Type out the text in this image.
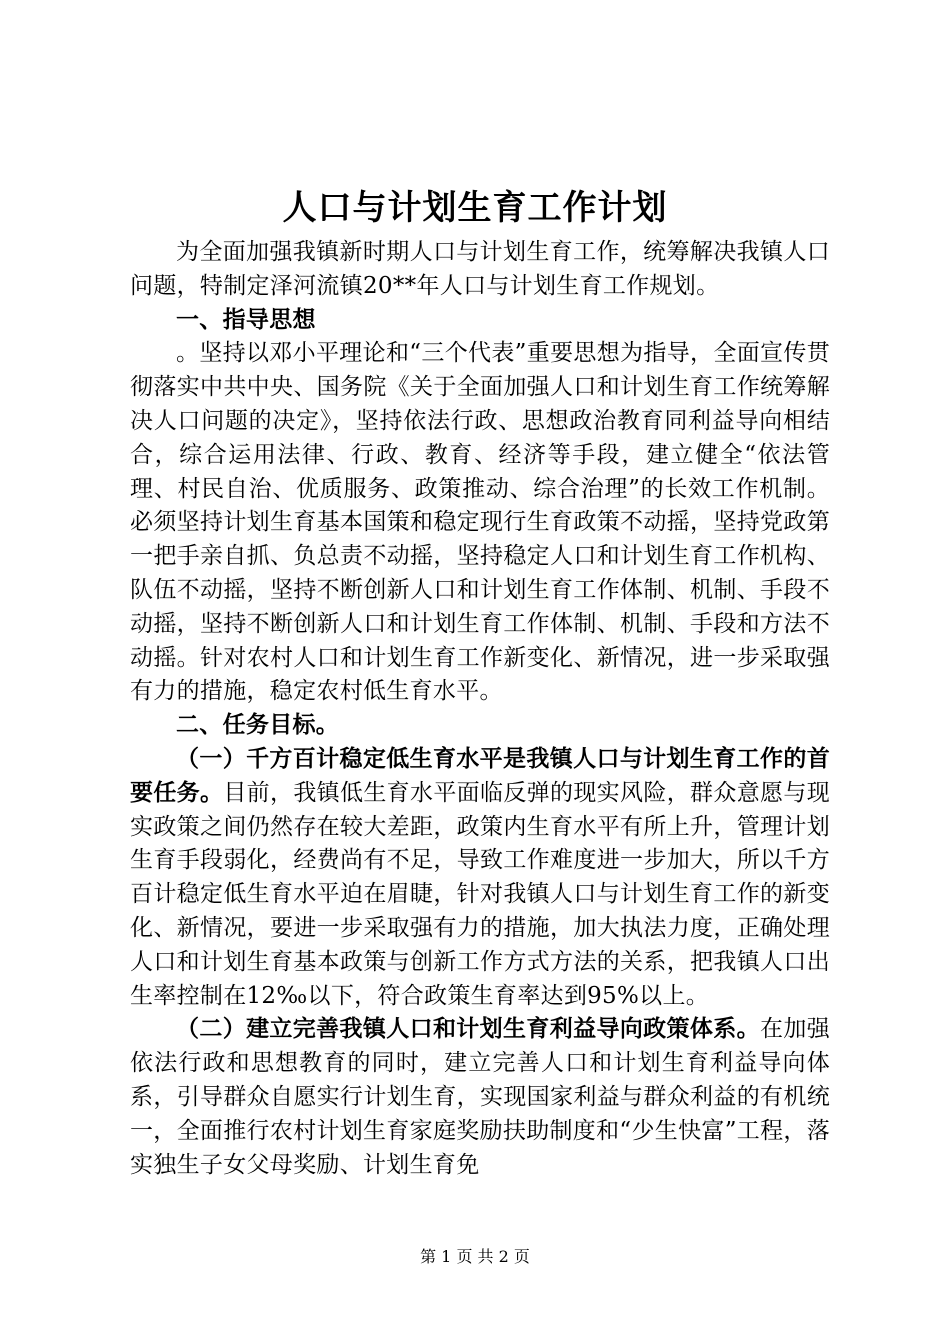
人口与计划生育工作计划

为全面加强我镇新时期人口与计划生育工作，统筹解决我镇人口问题，特制定泽河流镇20**年人口与计划生育工作规划。

一、指导思想

。坚持以邓小平理论和“三个代表”重要思想为指导，全面宣传贯彻落实中共中央、国务院《关于全面加强人口和计划生育工作统筹解决人口问题的决定》，坚持依法行政、思想政治教育同利益导向相结合，综合运用法律、行政、教育、经济等手段，建立健全“依法管理、村民自治、优质服务、政策推动、综合治理”的长效工作机制。必须坚持计划生育基本国策和稳定现行生育政策不动摇，坚持党政第一把手亲自抓、负总责不动摇，坚持稳定人口和计划生育工作机构、队伍不动摇，坚持不断创新人口和计划生育工作体制、机制、手段不动摇，坚持不断创新人口和计划生育工作体制、机制、手段和方法不动摇。针对农村人口和计划生育工作新变化、新情况，进一步采取强有力的措施，稳定农村低生育水平。

二、任务目标。

（一）千方百计稳定低生育水平是我镇人口与计划生育工作的首要任务。目前，我镇低生育水平面临反弹的现实风险，群众意愿与现实政策之间仍然存在较大差距，政策内生育水平有所上升，管理计划生育手段弱化，经费尚有不足，导致工作难度进一步加大，所以千方百计稳定低生育水平迫在眉睫，针对我镇人口与计划生育工作的新变化、新情况，要进一步采取强有力的措施，加大执法力度，正确处理人口和计划生育基本政策与创新工作方式方法的关系，把我镇人口出生率控制在12‰以下，符合政策生育率达到95%以上。

（二）建立完善我镇人口和计划生育利益导向政策体系。在加强依法行政和思想教育的同时，建立完善人口和计划生育利益导向体系，引导群众自愿实行计划生育，实现国家利益与群众利益的有机统一，全面推行农村计划生育家庭奖励扶助制度和“少生快富”工程，落实独生子女父母奖励、计划生育免

第 1 页 共 2 页
